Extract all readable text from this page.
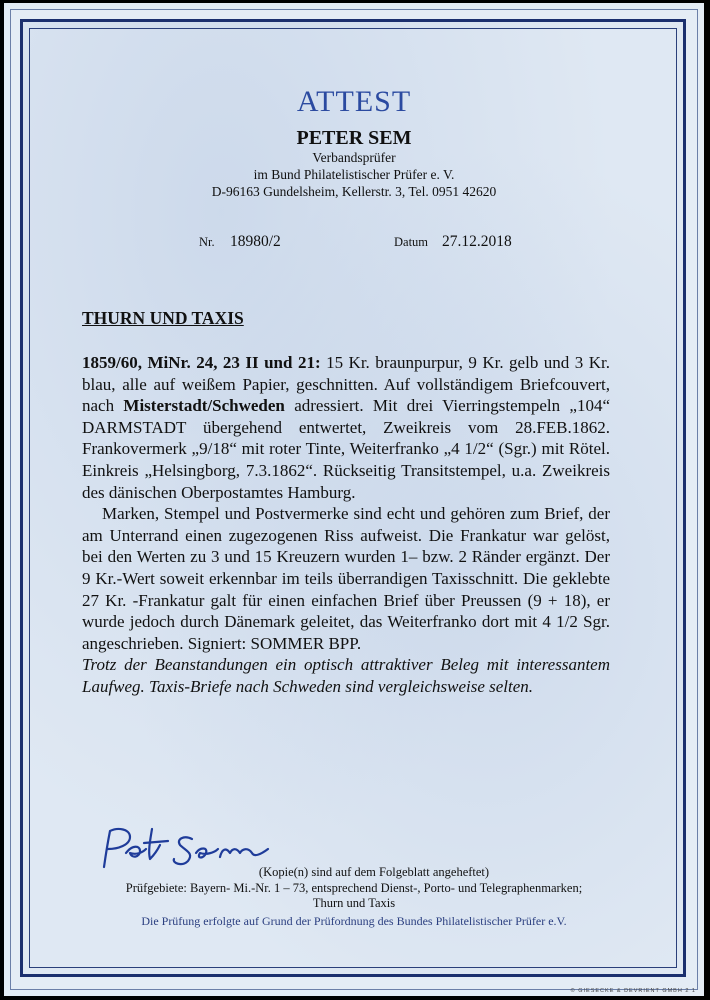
ATTEST
PETER SEM
Verbandsprüfer
im Bund Philatelistischer Prüfer e. V.
D-96163 Gundelsheim, Kellerstr. 3, Tel. 0951 42620
Nr. 18980/2	Datum 27.12.2018
THURN UND TAXIS

1859/60, MiNr. 24, 23 II und 21: 15 Kr. braunpurpur, 9 Kr. gelb und 3 Kr. blau, alle auf weißem Papier, geschnitten. Auf vollständigem Briefcouvert, nach Misterstadt/Schweden adressiert. Mit drei Vierringstempeln „104“ DARMSTADT übergehend entwertet, Zweikreis vom 28.FEB.1862. Frankovermerk „9/18“ mit roter Tinte, Weiterfranko „4 1/2“ (Sgr.) mit Rötel. Einkreis „Helsingborg, 7.3.1862“. Rückseitig Transitstempel, u.a. Zweikreis des dänischen Oberpostamtes Hamburg.

Marken, Stempel und Postvermerke sind echt und gehören zum Brief, der am Unterrand einen zugezogenen Riss aufweist. Die Frankatur war gelöst, bei den Werten zu 3 und 15 Kreuzern wurden 1– bzw. 2 Ränder ergänzt. Der 9 Kr.-Wert soweit erkennbar im teils überrandigen Taxisschnitt. Die geklebte 27 Kr. -Frankatur galt für einen einfachen Brief über Preussen (9 + 18), er wurde jedoch durch Dänemark geleitet, das Weiterfranko dort mit 4 1/2 Sgr. angeschrieben. Signiert: SOMMER BPP.

Trotz der Beanstandungen ein optisch attraktiver Beleg mit interessantem Laufweg. Taxis-Briefe nach Schweden sind vergleichsweise selten.

(Kopie(n) sind auf dem Folgeblatt angeheftet)
Prüfgebiete: Bayern- Mi.-Nr. 1 – 73, entsprechend Dienst-, Porto- und Telegraphenmarken;
Thurn und Taxis
Die Prüfung erfolgte auf Grund der Prüfordnung des Bundes Philatelistischer Prüfer e.V.
© GIESECKE & DEVRIENT GMBH 2 1
